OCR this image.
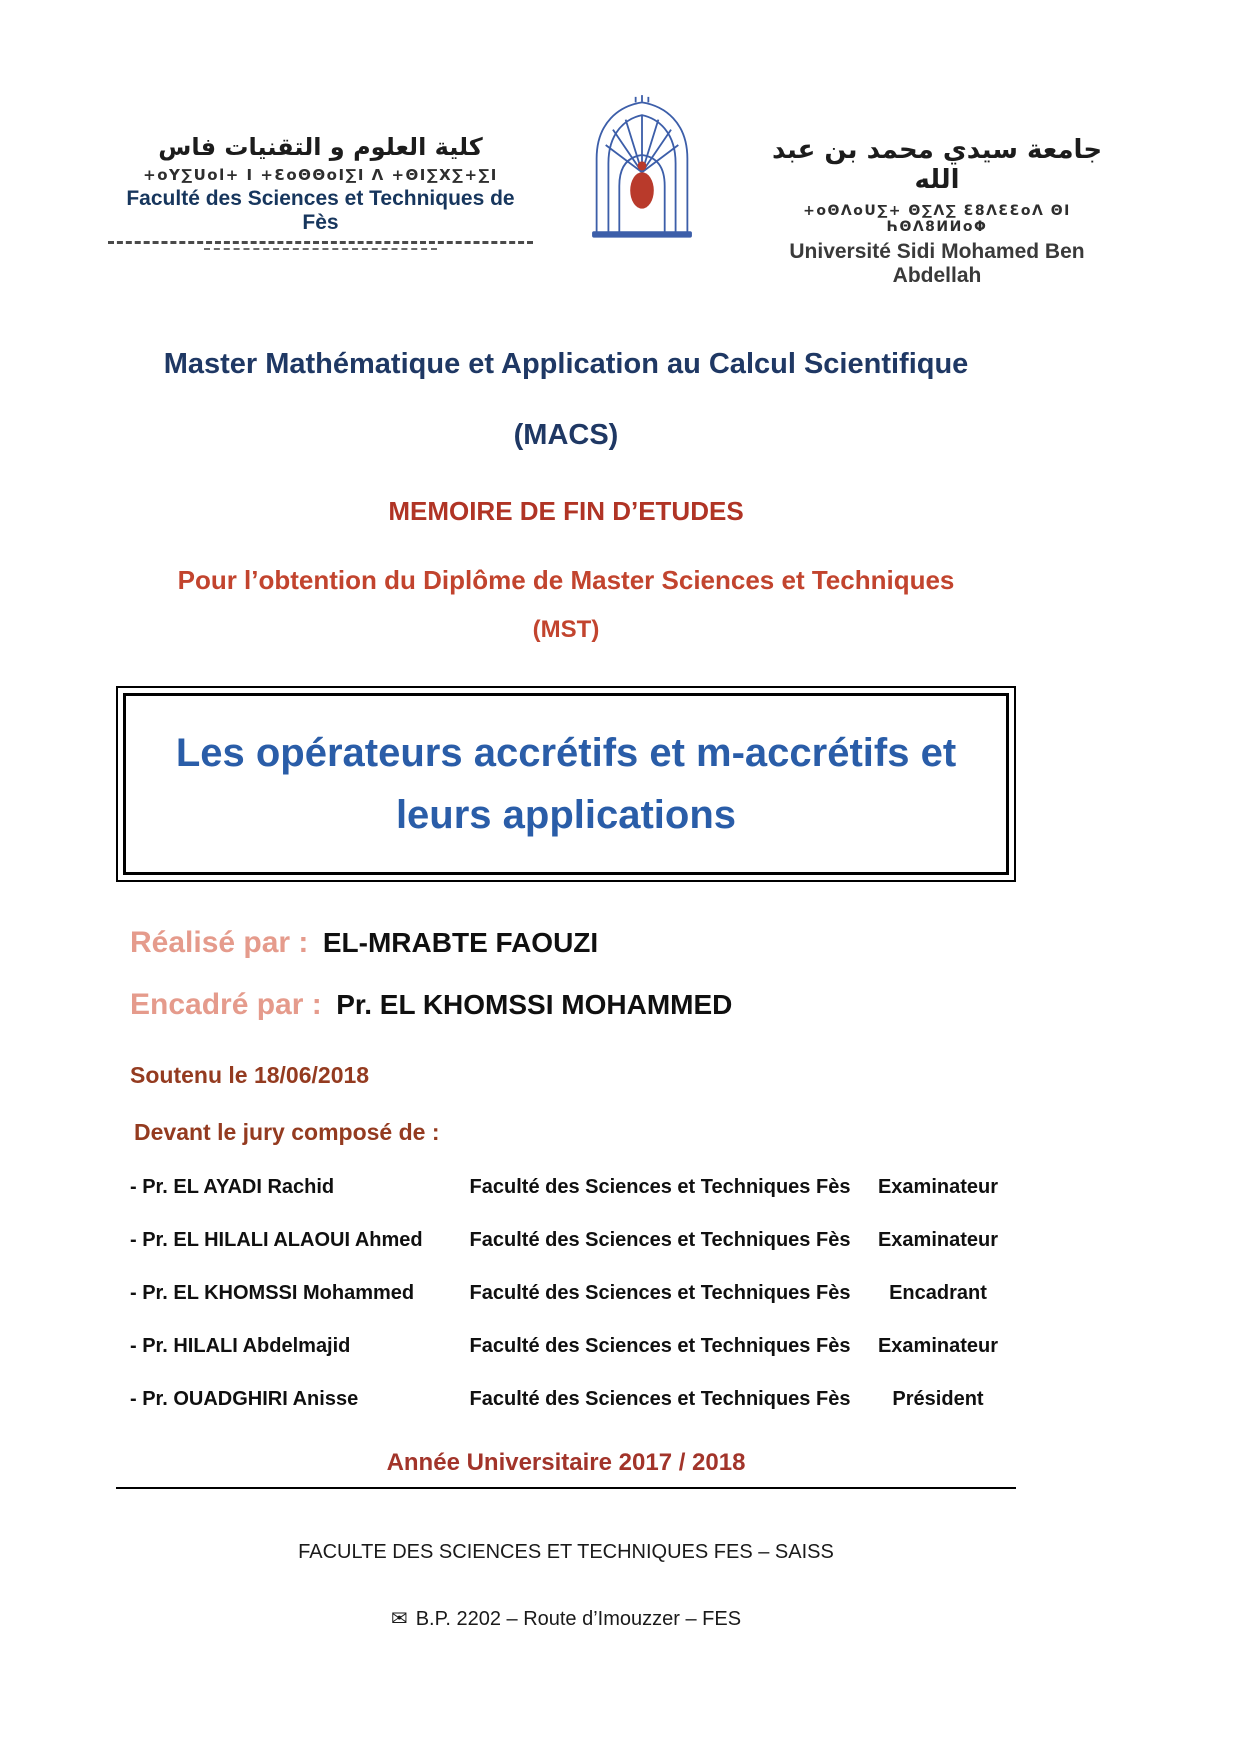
كلية العلوم و التقنيات فاس
+oY∑Uol+ I +ƐoΘΘoI∑I Λ +ΘI∑X∑+∑I
Faculté des Sciences et Techniques de Fès
جامعة سيدي محمد بن عبد الله
+oΘΛoU∑+ Θ∑Λ∑ Ɛ8ΛƐƐoΛ ΘI ҺΘΛ8ИИoΦ
Université Sidi Mohamed Ben Abdellah
Master Mathématique et Application au Calcul Scientifique
(MACS)
MEMOIRE DE FIN D’ETUDES
Pour l’obtention du Diplôme de Master Sciences et Techniques
(MST)
Les opérateurs accrétifs et m-accrétifs et
leurs applications
Réalisé par : EL-MRABTE FAOUZI
Encadré par : Pr. EL KHOMSSI MOHAMMED
Soutenu le 18/06/2018
Devant le jury composé de :
- Pr. EL AYADI Rachid	Faculté des Sciences et Techniques Fès	Examinateur
- Pr. EL HILALI ALAOUI Ahmed	Faculté des Sciences et Techniques Fès	Examinateur
- Pr. EL KHOMSSI Mohammed	Faculté des Sciences et Techniques Fès	Encadrant
- Pr. HILALI Abdelmajid	Faculté des Sciences et Techniques Fès	Examinateur
- Pr. OUADGHIRI Anisse	Faculté des Sciences et Techniques Fès	Président
Année Universitaire 2017 / 2018
FACULTE DES SCIENCES ET TECHNIQUES FES – SAISS
✉ B.P. 2202 – Route d’Imouzzer – FES
